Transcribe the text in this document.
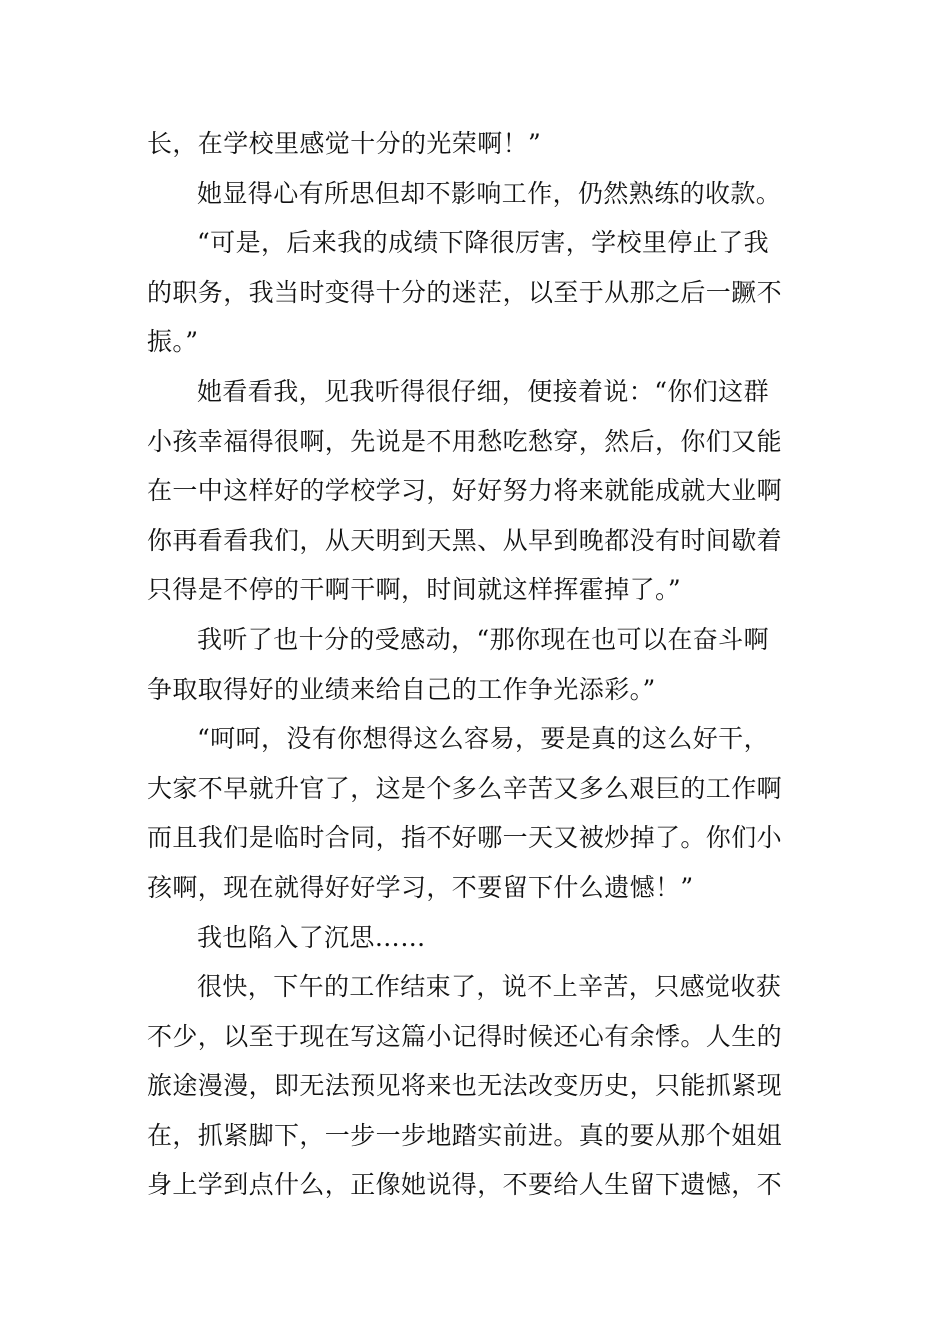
长，在学校里感觉十分的光荣啊！”
她显得心有所思但却不影响工作，仍然熟练的收款。
“可是，后来我的成绩下降很厉害，学校里停止了我
的职务，我当时变得十分的迷茫，以至于从那之后一蹶不
振。”
她看看我，见我听得很仔细，便接着说：“你们这群
小孩幸福得很啊，先说是不用愁吃愁穿，然后，你们又能
在一中这样好的学校学习，好好努力将来就能成就大业啊
你再看看我们，从天明到天黑、从早到晚都没有时间歇着
只得是不停的干啊干啊，时间就这样挥霍掉了。”
我听了也十分的受感动，“那你现在也可以在奋斗啊
争取取得好的业绩来给自己的工作争光添彩。”
“呵呵，没有你想得这么容易，要是真的这么好干，
大家不早就升官了，这是个多么辛苦又多么艰巨的工作啊
而且我们是临时合同，指不好哪一天又被炒掉了。你们小
孩啊，现在就得好好学习，不要留下什么遗憾！”
我也陷入了沉思……
很快，下午的工作结束了，说不上辛苦，只感觉收获
不少，以至于现在写这篇小记得时候还心有余悸。人生的
旅途漫漫，即无法预见将来也无法改变历史，只能抓紧现
在，抓紧脚下，一步一步地踏实前进。真的要从那个姐姐
身上学到点什么，正像她说得，不要给人生留下遗憾，不
